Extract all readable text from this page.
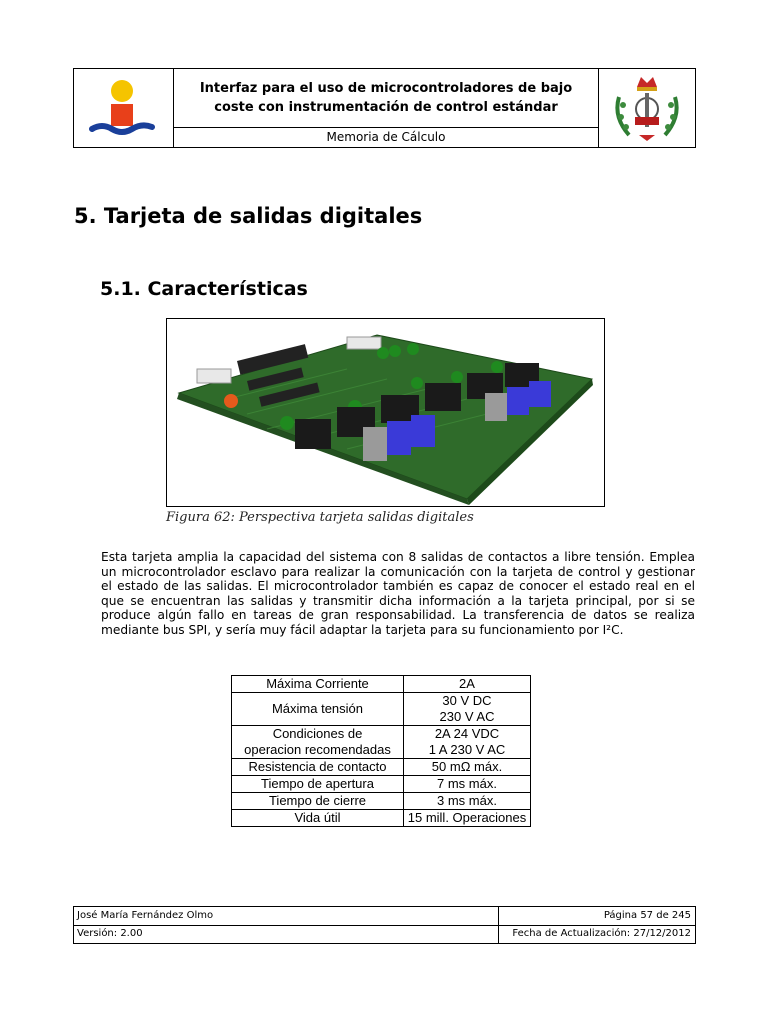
Interfaz para el uso de microcontroladores de bajo
coste con instrumentación de control estándar
Memoria de Cálculo
5. Tarjeta de salidas digitales
5.1. Características
Figura 62: Perspectiva tarjeta salidas digitales
Esta tarjeta amplia la capacidad del sistema con 8 salidas de contactos a libre tensión. Emplea un microcontrolador esclavo para realizar la comunicación con la tarjeta de control y gestionar el estado de las salidas. El microcontrolador también es capaz de conocer el estado real en el que se encuentran las salidas y transmitir dicha información a la tarjeta principal, por si se produce algún fallo en tareas de gran responsabilidad. La transferencia de datos se realiza mediante bus SPI, y sería muy fácil adaptar la tarjeta para su funcionamiento por I²C.
Máxima Corriente	2A
Máxima tensión	30 V DC
230 V AC
Condiciones de
operacion recomendadas	2A 24 VDC
1 A 230 V AC
Resistencia de contacto	50 mΩ máx.
Tiempo de apertura	7 ms máx.
Tiempo de cierre	3 ms máx.
Vida útil	15 mill. Operaciones
José María Fernández Olmo	Página 57 de 245
Versión: 2.00	Fecha de Actualización: 27/12/2012
